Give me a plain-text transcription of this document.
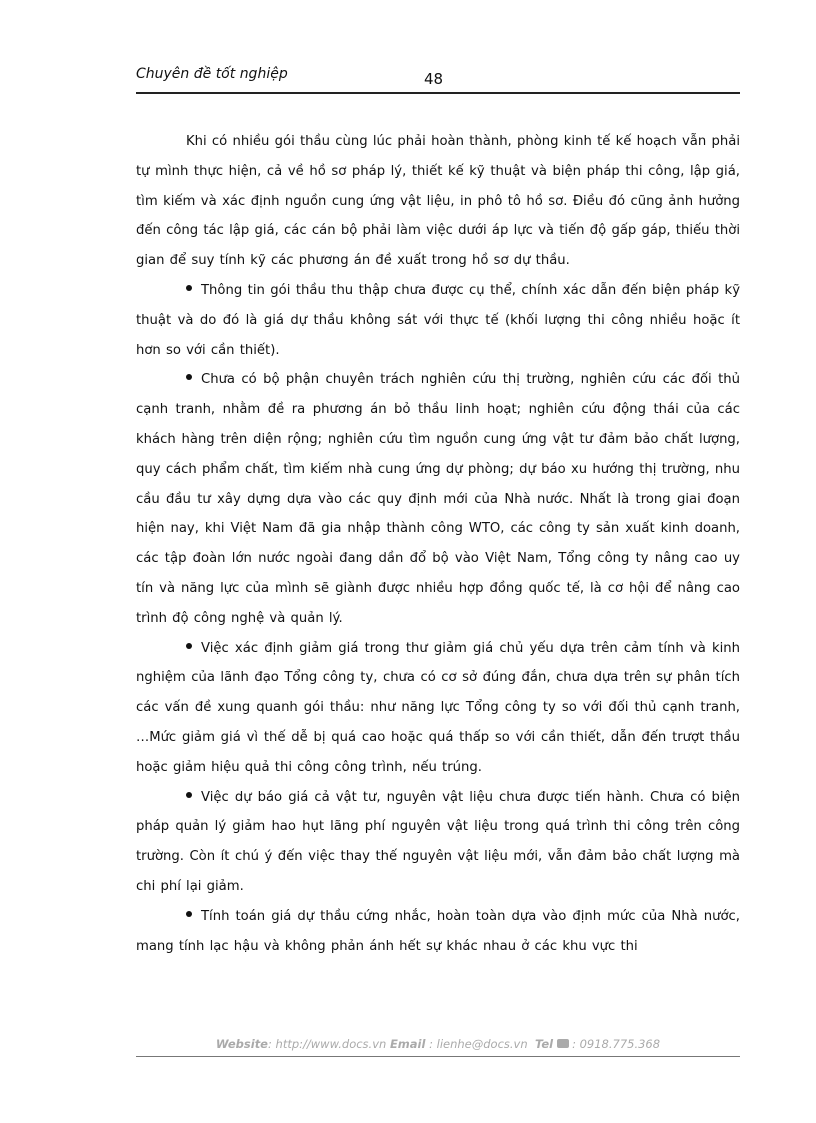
Chuyên đề tốt nghiệp	48

Khi có nhiều gói thầu cùng lúc phải hoàn thành, phòng kinh tế kế hoạch vẫn phải tự mình thực hiện, cả về hồ sơ pháp lý, thiết kế kỹ thuật và biện pháp thi công, lập giá, tìm kiếm và xác định nguồn cung ứng vật liệu, in phô tô hồ sơ. Điều đó cũng ảnh hưởng đến công tác lập giá, các cán bộ phải làm việc dưới áp lực và tiến độ gấp gáp, thiếu thời gian để suy tính kỹ các phương án đề xuất trong hồ sơ dự thầu.

Thông tin gói thầu thu thập chưa được cụ thể, chính xác dẫn đến biện pháp kỹ thuật và do đó là giá dự thầu không sát với thực tế (khối lượng thi công nhiều hoặc ít hơn so với cần thiết).

Chưa có bộ phận chuyên trách nghiên cứu thị trường, nghiên cứu các đối thủ cạnh tranh, nhằm đề ra phương án bỏ thầu linh hoạt; nghiên cứu động thái của các khách hàng trên diện rộng; nghiên cứu tìm nguồn cung ứng vật tư đảm bảo chất lượng, quy cách phẩm chất, tìm kiếm nhà cung ứng dự phòng; dự báo xu hướng thị trường, nhu cầu đầu tư xây dựng dựa vào các quy định mới của Nhà nước. Nhất là trong giai đoạn hiện nay, khi Việt Nam đã gia nhập thành công WTO, các công ty sản xuất kinh doanh, các tập đoàn lớn nước ngoài đang dần đổ bộ vào Việt Nam, Tổng công ty nâng cao uy tín và năng lực của mình sẽ giành được nhiều hợp đồng quốc tế, là cơ hội để nâng cao trình độ công nghệ và quản lý.

Việc xác định giảm giá trong thư giảm giá chủ yếu dựa trên cảm tính và kinh nghiệm của lãnh đạo Tổng công ty, chưa có cơ sở đúng đắn, chưa dựa trên sự phân tích các vấn đề xung quanh gói thầu: như năng lực Tổng công ty so với đối thủ cạnh tranh, …Mức giảm giá vì thế dễ bị quá cao hoặc quá thấp so với cần thiết, dẫn đến trượt thầu hoặc giảm hiệu quả thi công công trình, nếu trúng.

Việc dự báo giá cả vật tư, nguyên vật liệu chưa được tiến hành. Chưa có biện pháp quản lý giảm hao hụt lãng phí nguyên vật liệu trong quá trình thi công trên công trường. Còn ít chú ý đến việc thay thế nguyên vật liệu mới, vẫn đảm bảo chất lượng mà chi phí lại giảm.

Tính toán giá dự thầu cứng nhắc, hoàn toàn dựa vào định mức của Nhà nước, mang tính lạc hậu và không phản ánh hết sự khác nhau ở các khu vực thi

Website: http://www.docs.vn Email : lienhe@docs.vn Tel : 0918.775.368
